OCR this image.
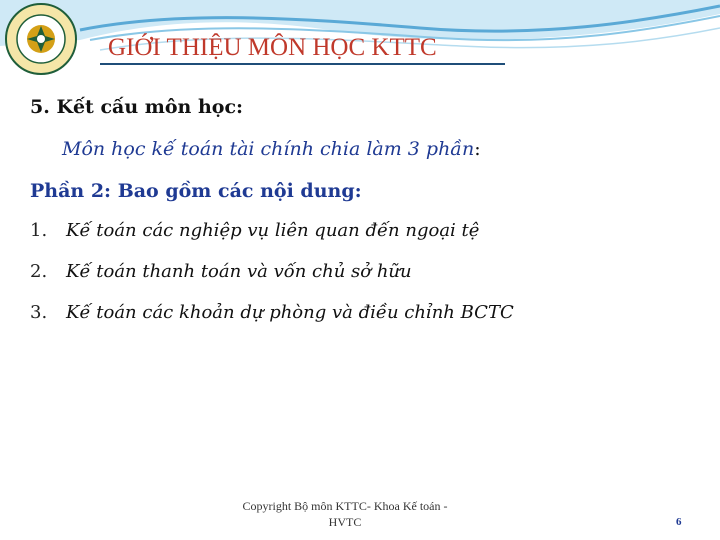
GIỚI THIỆU MÔN HỌC KTTC
5. Kết cấu môn học:
Môn học kế toán tài chính chia làm 3 phần:
Phần 2: Bao gồm các nội dung:
1. Kế toán các nghiệp vụ liên quan đến ngoại tệ
2. Kế toán thanh toán và vốn chủ sở hữu
3. Kế toán các khoản dự phòng và điều chỉnh BCTC
Copyright Bộ môn KTTC- Khoa Kế toán -
HVTC	6
